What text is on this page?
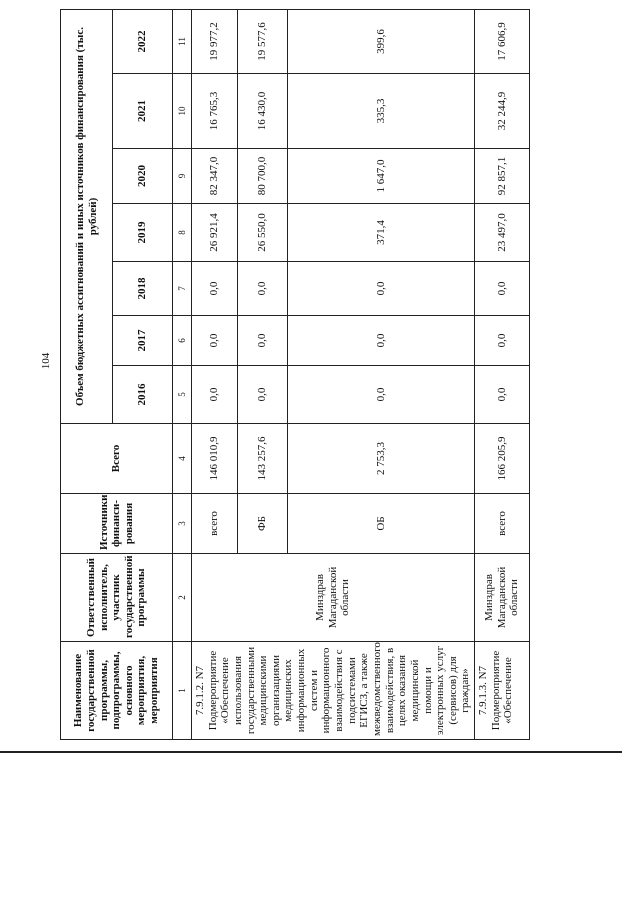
104
Наименование государственной программы, подпрограммы, основного мероприятия, мероприятия	Ответственный исполнитель, участник государственной программы	Источники финанси-рования	Всего	Объем бюджетных ассигнований и иных источников финансирования (тыс. рублей)						
				2016	2017	2018	2019	2020	2021	2022
1	2	3	4	5	6	7	8	9	10	11
7.9.1.2. N7 Подмероприятие «Обеспечение использования государственными медицинскими организациями медицинских информационных систем и информационного взаимодействия с подсистемами ЕГИСЗ, а также межведомственного взаимодействия, в целях оказания медицинской помощи и электронных услуг (сервисов) для граждан»	Минздрав Магаданской области	всего	146 010,9	0,0	0,0	0,0	26 921,4	82 347,0	16 765,3	19 977,2
		ФБ	143 257,6	0,0	0,0	0,0	26 550,0	80 700,0	16 430,0	19 577,6
		ОБ	2 753,3	0,0	0,0	0,0	371,4	1 647,0	335,3	399,6
7.9.1.3. N7 Подмероприятие «Обеспечение	Минздрав Магаданской области	всего	166 205,9	0,0	0,0	0,0	23 497,0	92 857,1	32 244,9	17 606,9
